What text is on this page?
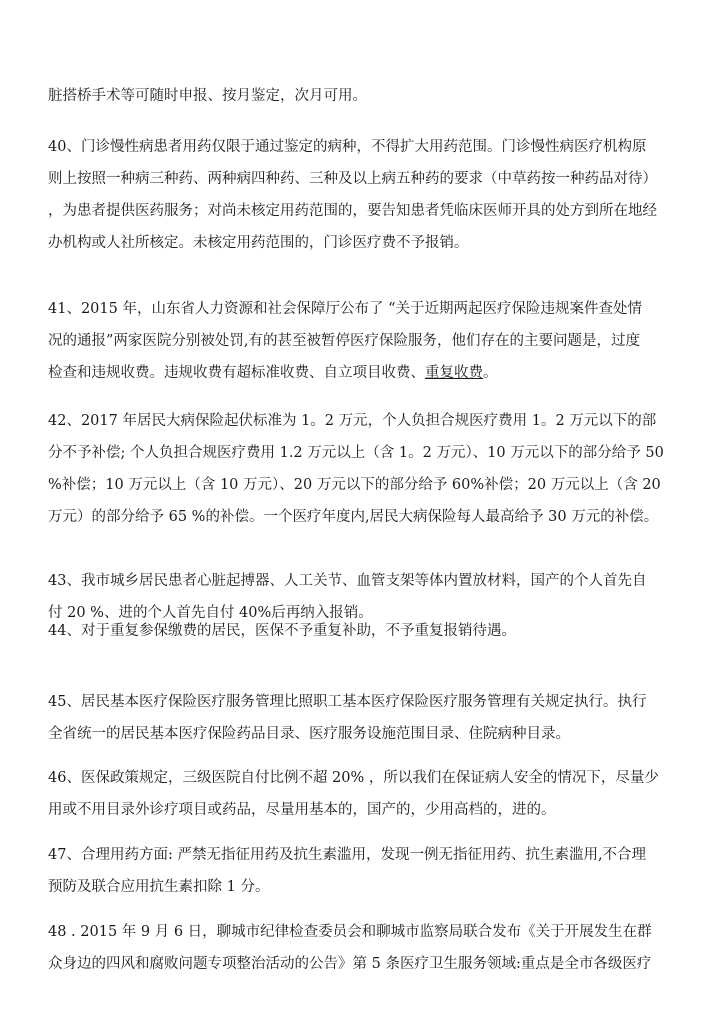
脏搭桥手术等可随时申报、按月鉴定，次月可用。

40、门诊慢性病患者用药仅限于通过鉴定的病种，不得扩大用药范围。门诊慢性病医疗机构原
则上按照一种病三种药、两种病四种药、三种及以上病五种药的要求（中草药按一种药品对待）
，为患者提供医药服务；对尚未核定用药范围的，要告知患者凭临床医师开具的处方到所在地经
办机构或人社所核定。未核定用药范围的，门诊医疗费不予报销。

41、2015 年，山东省人力资源和社会保障厅公布了 “关于近期两起医疗保险违规案件查处情
况的通报”两家医院分别被处罚,有的甚至被暂停医疗保险服务，他们存在的主要问题是，过度
检查和违规收费。违规收费有超标准收费、自立项目收费、重复收费。

42、2017 年居民大病保险起伏标准为 1。2 万元，个人负担合规医疗费用 1。2 万元以下的部
分不予补偿; 个人负担合规医疗费用 1.2 万元以上（含 1。2 万元）、10 万元以下的部分给予 50
%补偿；10 万元以上（含 10 万元）、20 万元以下的部分给予 60%补偿；20 万元以上（含 20
万元）的部分给予 65 %的补偿。一个医疗年度内,居民大病保险每人最高给予 30 万元的补偿。

43、我市城乡居民患者心脏起搏器、人工关节、血管支架等体内置放材料，国产的个人首先自
付 20 %、进的个人首先自付 40%后再纳入报销。

44、对于重复参保缴费的居民，医保不予重复补助，不予重复报销待遇。

45、居民基本医疗保险医疗服务管理比照职工基本医疗保险医疗服务管理有关规定执行。执行
全省统一的居民基本医疗保险药品目录、医疗服务设施范围目录、住院病种目录。

46、医保政策规定，三级医院自付比例不超 20% ，所以我们在保证病人安全的情况下，尽量少
用或不用目录外诊疗项目或药品，尽量用基本的，国产的，少用高档的，进的。

47、合理用药方面: 严禁无指征用药及抗生素滥用，发现一例无指征用药、抗生素滥用,不合理
预防及联合应用抗生素扣除 1 分。

48 . 2015 年 9 月 6 日，聊城市纪律检查委员会和聊城市监察局联合发布《关于开展发生在群
众身边的四风和腐败问题专项整治活动的公告》第 5 条医疗卫生服务领域:重点是全市各级医疗
